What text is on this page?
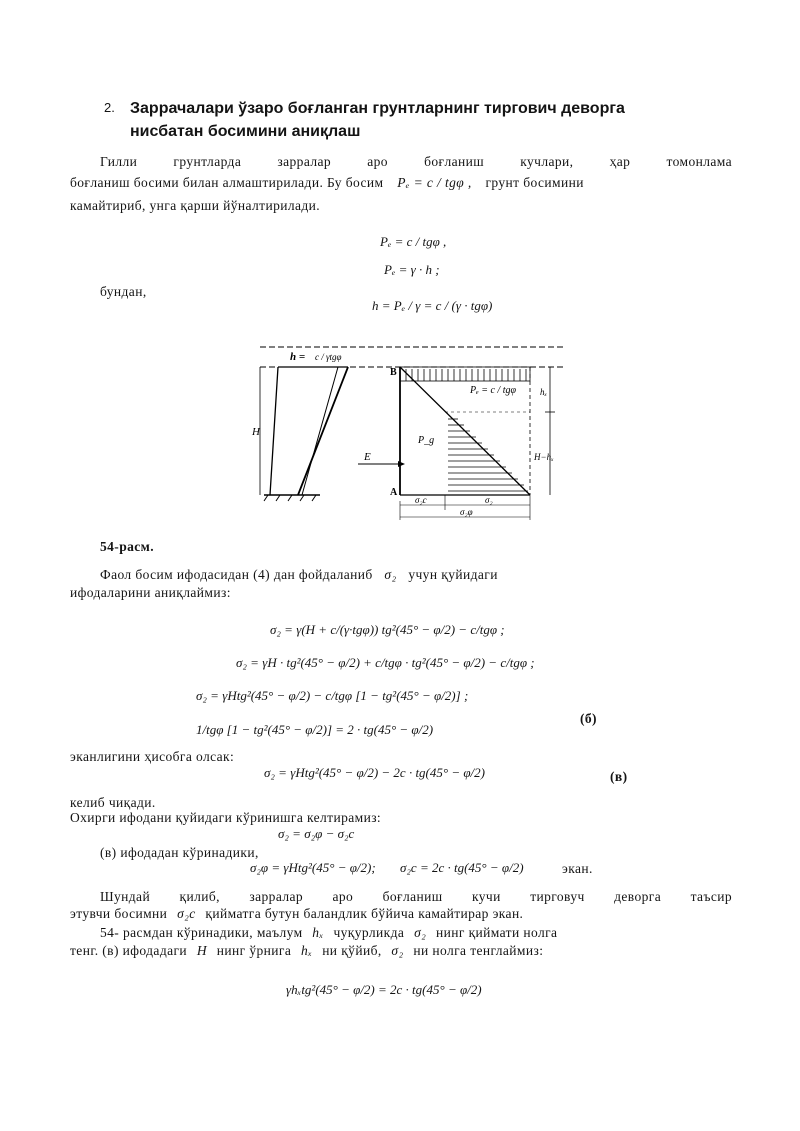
2. Заррачалари ўзаро боғланган грунтларнинг тиргович деворга
нисбатан босимини аниқлаш
Гилли грунтларда зарралар аро боғланиш кучлари, ҳар томонлама
боғланиш босими билан алмаштирилади. Бу босим Pₑ = c / tgφ , грунт босимини
камайтириб, унга қарши йўналтирилади.
Pₑ = c / tgφ ,
Pₑ = γ · h ;
бундан,
h = Pₑ / γ = c / (γ · tgφ)
H
h = c / γtgφ
E
B
A
Pₑ = c / tgφ
P_g
hₓ
H−hₓ
σ₂c	σ₂
σ₂φ
54-расм.
Фаол босим ифодасидан (4) дан фойдаланиб σ₂ учун қуйидаги
ифодаларини аниқлаймиз:
σ₂ = γ(H + c/(γ·tgφ)) tg²(45° − φ/2) − c/tgφ ;
σ₂ = γH · tg²(45° − φ/2) + c/tgφ · tg²(45° − φ/2) − c/tgφ ;
σ₂ = γHtg²(45° − φ/2) − c/tgφ [1 − tg²(45° − φ/2)] ;
1/tgφ [1 − tg²(45° − φ/2)] = 2 · tg(45° − φ/2)
(б)
эканлигини ҳисобга олсак:
σ₂ = γHtg²(45° − φ/2) − 2c · tg(45° − φ/2)	(в)
келиб чиқади.
Охирги ифодани қуйидаги кўринишга келтирамиз:
σ₂ = σ₂φ − σ₂c
(в) ифодадан кўринадики,
σ₂φ = γHtg²(45° − φ/2); σ₂c = 2c · tg(45° − φ/2)	экан.
Шундай қилиб, зарралар аро боғланиш кучи тирговуч деворга таъсир
этувчи босимни σ₂c қийматга бутун баландлик бўйича камайтирар экан.
54- расмдан кўринадики, маълум hₓ чуқурликда σ₂ нинг қиймати нолга
тенг. (в) ифодадаги H нинг ўрнига hₓ ни қўйиб, σ₂ ни нолга тенглаймиз:
γhₓtg²(45° − φ/2) = 2c · tg(45° − φ/2)
